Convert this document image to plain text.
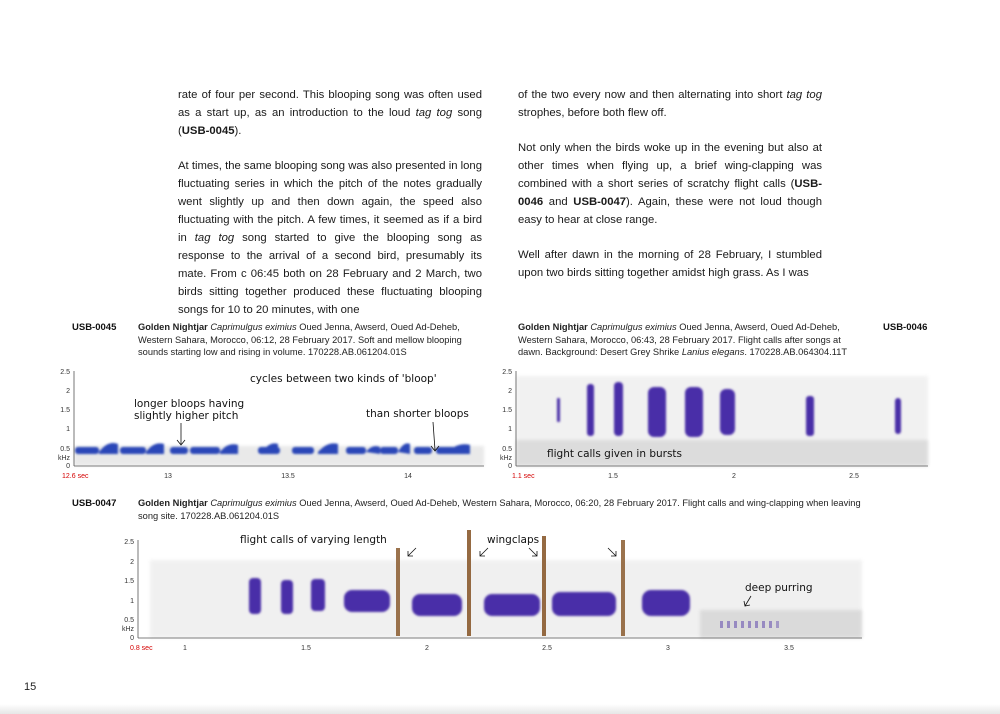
rate of four per second. This blooping song was often used as a start up, as an introduction to the loud tag tog song (USB-0045).

At times, the same blooping song was also presented in long fluctuating series in which the pitch of the notes gradually went slightly up and then down again, the speed also fluctuating with the pitch. A few times, it seemed as if a bird in tag tog song started to give the blooping song as response to the arrival of a second bird, presumably its mate. From c 06:45 both on 28 February and 2 March, two birds sitting together produced these fluctuating blooping songs for 10 to 20 minutes, with one

of the two every now and then alternating into short tag tog strophes, before both flew off.

Not only when the birds woke up in the evening but also at other times when flying up, a brief wing-clapping was combined with a short series of scratchy flight calls (USB-0046 and USB-0047). Again, these were not loud though easy to hear at close range.

Well after dawn in the morning of 28 February, I stumbled upon two birds sitting together amidst high grass. As I was

USB-0045 Golden Nightjar Caprimulgus eximius Oued Jenna, Awserd, Oued Ad-Deheb, Western Sahara, Morocco, 06:12, 28 February 2017. Soft and mellow blooping sounds starting low and rising in volume. 170228.AB.061204.01S
Golden Nightjar Caprimulgus eximius Oued Jenna, Awserd, Oued Ad-Deheb, Western Sahara, Morocco, 06:43, 28 February 2017. Flight calls after songs at dawn. Background: Desert Grey Shrike Lanius elegans. 170228.AB.064304.11T
USB-0046
USB-0047 Golden Nightjar Caprimulgus eximius Oued Jenna, Awserd, Oued Ad-Deheb, Western Sahara, Morocco, 06:20, 28 February 2017. Flight calls and wing-clapping when leaving song site. 170228.AB.061204.01S
2.5
2
1.5
1
0.5
kHz
0
12.6 sec	13	13.5	14
cycles between two kinds of 'bloop'
longer bloops having
slightly higher pitch	than shorter bloops
2.5
2
1.5
1
0.5
kHz
0
1.1 sec	1.5	2	2.5
flight calls given in bursts
2.5
2
1.5
1
0.5
kHz
0
0.8 sec	1	1.5	2	2.5	3	3.5
flight calls of varying length	wingclaps
deep purring
15
